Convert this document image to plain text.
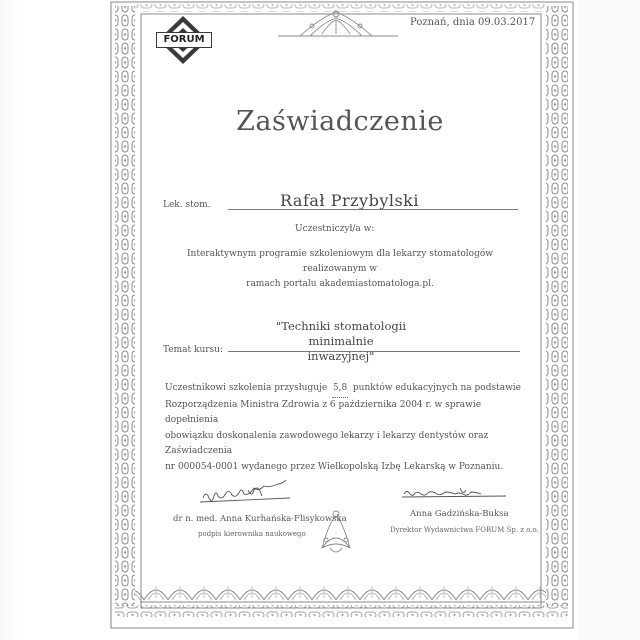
FORUM
Poznań, dnia 09.03.2017
Zaświadczenie
Lek. stom.	Rafał Przybylski
Uczestniczył/a w:
Interaktywnym programie szkoleniowym dla lekarzy stomatologów realizowanym w
ramach portalu akademiastomatologa.pl.
"Techniki stomatologii minimalnie
inwazyjnej"
Temat kursu:
Uczestnikowi szkolenia przysługuje 5,8 punktów edukacyjnych na podstawie
Rozporządzenia Ministra Zdrowia z 6 października 2004 r. w sprawie dopełnienia
obowiązku doskonalenia zawodowego lekarzy i lekarzy dentystów oraz Zaświadczenia
nr 000054-0001 wydanego przez Wielkopolską Izbę Lekarską w Poznaniu.
dr n. med. Anna Kurhańska-Flisykowska
podpis kierownika naukowego
Anna Gadzińska-Buksa
Dyrektor Wydawnictwa FORUM Sp. z o.o.
